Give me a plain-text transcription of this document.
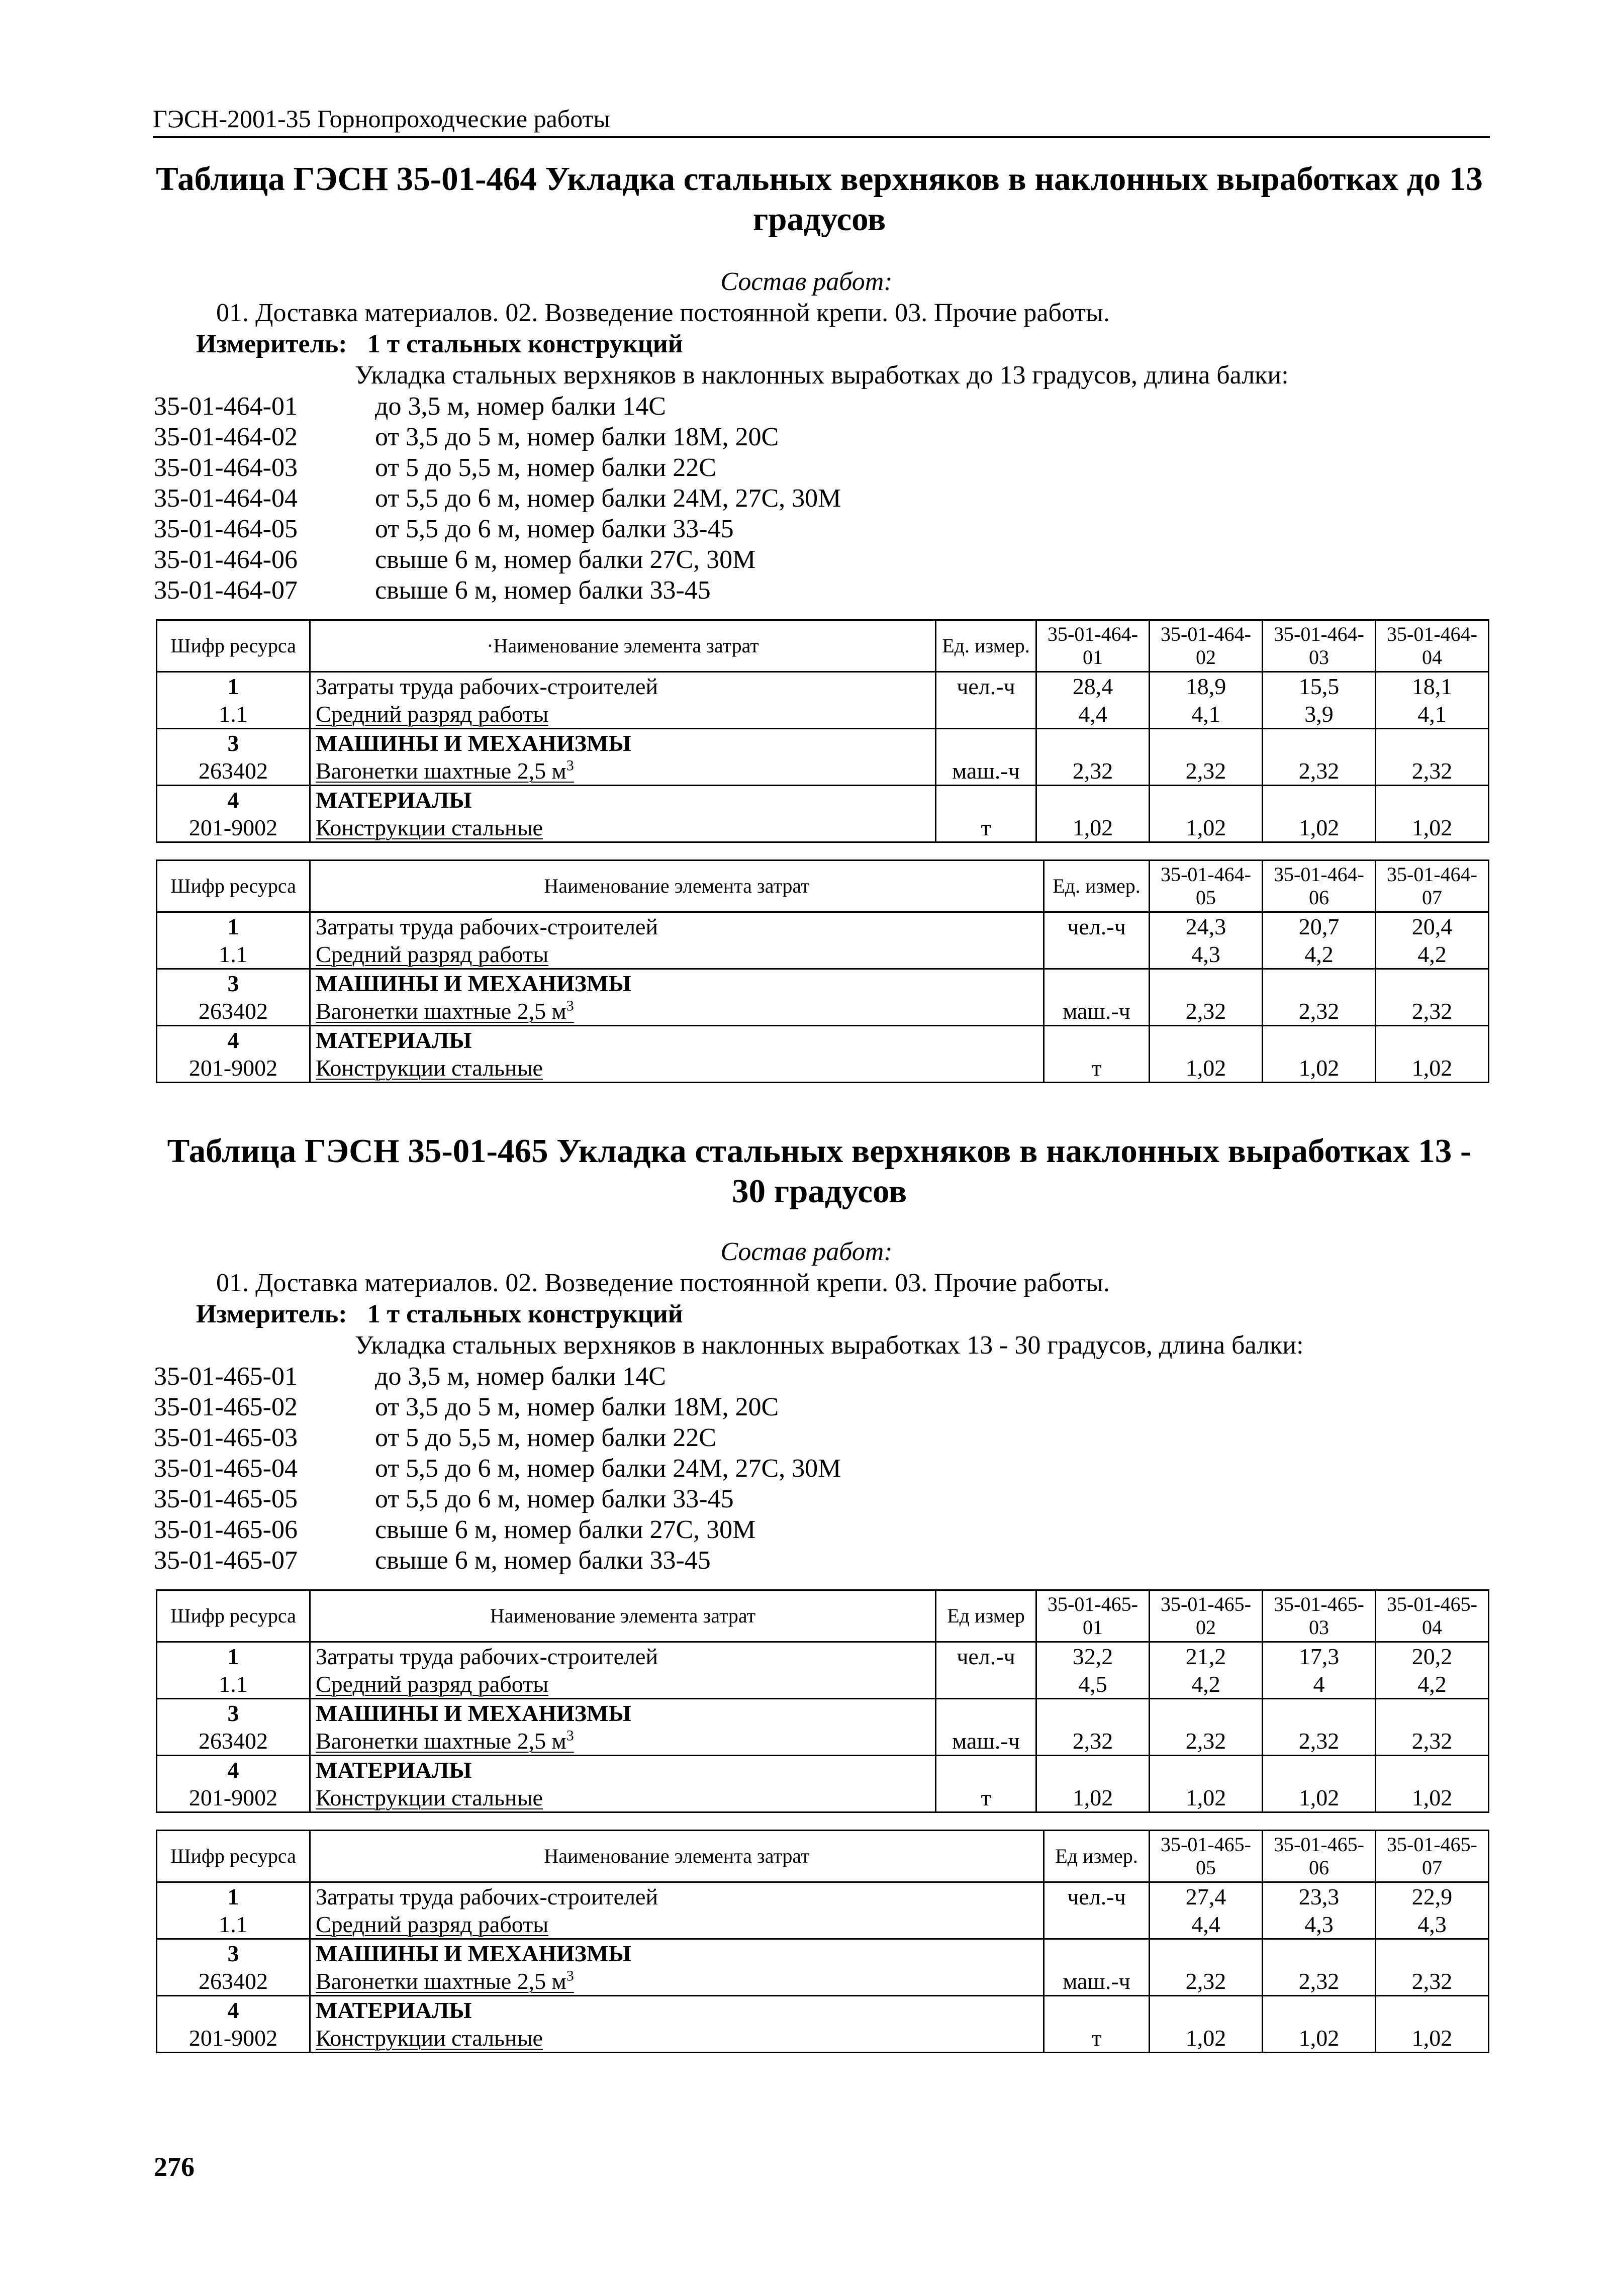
ГЭСН-2001-35 Горнопроходческие работы
Таблица ГЭСН 35-01-464 Укладка стальных верхняков в наклонных выработках до 13
градусов
Состав работ:
01. Доставка материалов. 02. Возведение постоянной крепи. 03. Прочие работы.
Измеритель: 1 т стальных конструкций
Укладка стальных верхняков в наклонных выработках до 13 градусов, длина балки:
35-01-464-01	до 3,5 м, номер балки 14С
35-01-464-02	от 3,5 до 5 м, номер балки 18М, 20С
35-01-464-03	от 5 до 5,5 м, номер балки 22С
35-01-464-04	от 5,5 до 6 м, номер балки 24М, 27С, 30М
35-01-464-05	от 5,5 до 6 м, номер балки 33-45
35-01-464-06	свыше 6 м, номер балки 27С, 30М
35-01-464-07	свыше 6 м, номер балки 33-45
Шифр ресурса	·Наименование элемента затрат	Ед. измер.	35-01-464-01	35-01-464-02	35-01-464-03	35-01-464-04
1	Затраты труда рабочих-строителей	чел.-ч	28,4	18,9	15,5	18,1
1.1	Средний разряд работы		4,4	4,1	3,9	4,1
3	МАШИНЫ И МЕХАНИЗМЫ					
263402	Вагонетки шахтные 2,5 $м^3$	маш.-ч	2,32	2,32	2,32	2,32
4	МАТЕРИАЛЫ					
201-9002	Конструкции стальные	т	1,02	1,02	1,02	1,02
Шифр ресурса	Наименование элемента затрат	Ед. измер.	35-01-464-05	35-01-464-06	35-01-464-07
1	Затраты труда рабочих-строителей	чел.-ч	24,3	20,7	20,4
1.1	Средний разряд работы		4,3	4,2	4,2
3	МАШИНЫ И МЕХАНИЗМЫ				
263402	Вагонетки шахтные 2,5 $м^3$	маш.-ч	2,32	2,32	2,32
4	МАТЕРИАЛЫ				
201-9002	Конструкции стальные	т	1,02	1,02	1,02
Таблица ГЭСН 35-01-465 Укладка стальных верхняков в наклонных выработках 13 -
30 градусов
Состав работ:
01. Доставка материалов. 02. Возведение постоянной крепи. 03. Прочие работы.
Измеритель: 1 т стальных конструкций
Укладка стальных верхняков в наклонных выработках 13 - 30 градусов, длина балки:
35-01-465-01	до 3,5 м, номер балки 14С
35-01-465-02	от 3,5 до 5 м, номер балки 18М, 20С
35-01-465-03	от 5 до 5,5 м, номер балки 22С
35-01-465-04	от 5,5 до 6 м, номер балки 24М, 27С, 30М
35-01-465-05	от 5,5 до 6 м, номер балки 33-45
35-01-465-06	свыше 6 м, номер балки 27С, 30М
35-01-465-07	свыше 6 м, номер балки 33-45
Шифр ресурса	Наименование элемента затрат	Ед измер	35-01-465-01	35-01-465-02	35-01-465-03	35-01-465-04
1	Затраты труда рабочих-строителей	чел.-ч	32,2	21,2	17,3	20,2
1.1	Средний разряд работы		4,5	4,2	4	4,2
3	МАШИНЫ И МЕХАНИЗМЫ					
263402	Вагонетки шахтные 2,5 $м^3$	маш.-ч	2,32	2,32	2,32	2,32
4	МАТЕРИАЛЫ					
201-9002	Конструкции стальные	т	1,02	1,02	1,02	1,02
Шифр ресурса	Наименование элемента затрат	Ед измер.	35-01-465-05	35-01-465-06	35-01-465-07
1	Затраты труда рабочих-строителей	чел.-ч	27,4	23,3	22,9
1.1	Средний разряд работы		4,4	4,3	4,3
3	МАШИНЫ И МЕХАНИЗМЫ				
263402	Вагонетки шахтные 2,5 $м^3$	маш.-ч	2,32	2,32	2,32
4	МАТЕРИАЛЫ				
201-9002	Конструкции стальные	т	1,02	1,02	1,02
276
